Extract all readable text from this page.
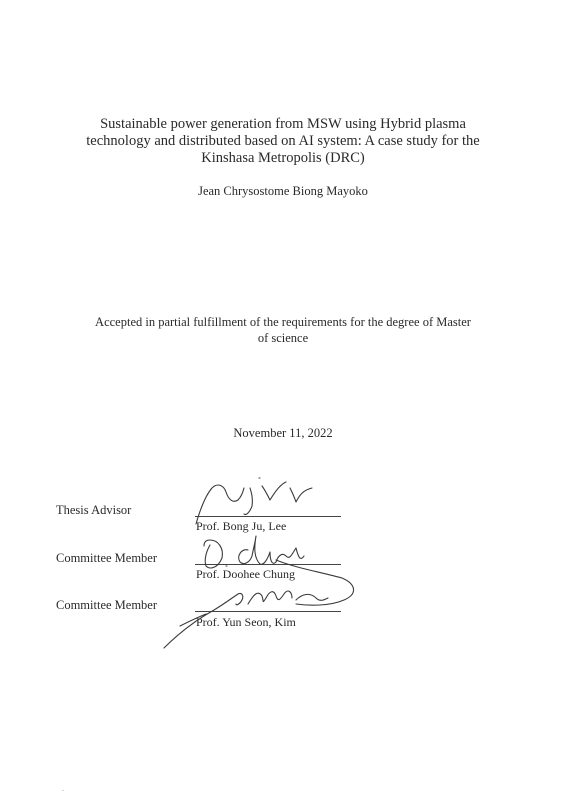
Sustainable power generation from MSW using Hybrid plasma
technology and distributed based on AI system: A case study for the
Kinshasa Metropolis (DRC)
Jean Chrysostome Biong Mayoko
Accepted in partial fulfillment of the requirements for the degree of Master
of science
November 11, 2022
Thesis Advisor
Prof. Bong Ju, Lee
Committee Member
Prof. Doohee Chung
Committee Member
Prof. Yun Seon, Kim
